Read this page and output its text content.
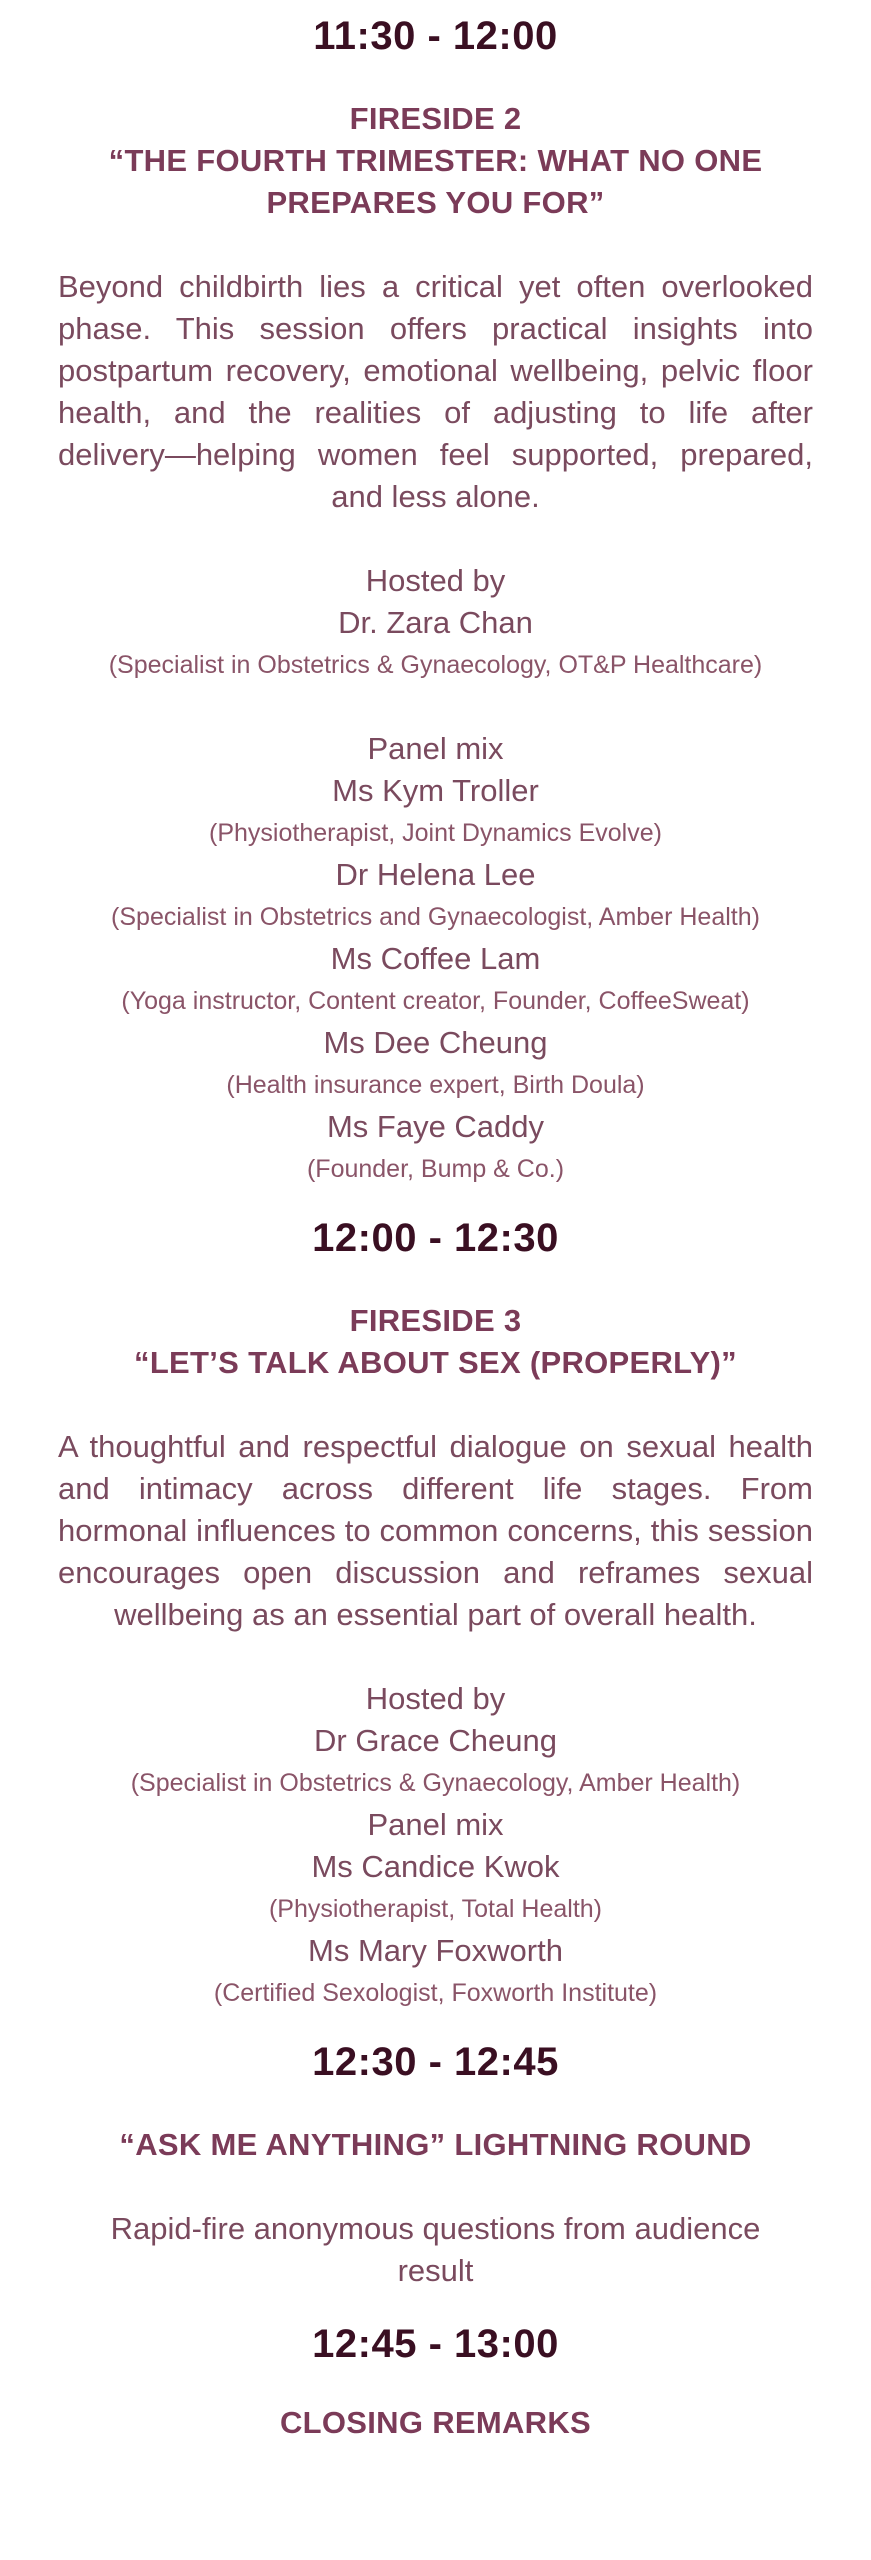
11:30 - 12:00
FIRESIDE 2
“THE FOURTH TRIMESTER: WHAT NO ONE PREPARES YOU FOR”

Beyond childbirth lies a critical yet often overlooked phase. This session offers practical insights into postpartum recovery, emotional wellbeing, pelvic floor health, and the realities of adjusting to life after delivery—helping women feel supported, prepared, and less alone.

Hosted by
Dr. Zara Chan
(Specialist in Obstetrics & Gynaecology, OT&P Healthcare)
Panel mix
Ms Kym Troller
(Physiotherapist, Joint Dynamics Evolve)
Dr Helena Lee
(Specialist in Obstetrics and Gynaecologist, Amber Health)
Ms Coffee Lam
(Yoga instructor, Content creator, Founder, CoffeeSweat)
Ms Dee Cheung
(Health insurance expert, Birth Doula)
Ms Faye Caddy
(Founder, Bump & Co.)
12:00 - 12:30
FIRESIDE 3
“LET’S TALK ABOUT SEX (PROPERLY)”

A thoughtful and respectful dialogue on sexual health and intimacy across different life stages. From hormonal influences to common concerns, this session encourages open discussion and reframes sexual wellbeing as an essential part of overall health.

Hosted by
Dr Grace Cheung
(Specialist in Obstetrics & Gynaecology, Amber Health)
Panel mix
Ms Candice Kwok
(Physiotherapist, Total Health)
Ms Mary Foxworth
(Certified Sexologist, Foxworth Institute)
12:30 - 12:45
“ASK ME ANYTHING” LIGHTNING ROUND

Rapid-fire anonymous questions from audience result

12:45 - 13:00
CLOSING REMARKS
